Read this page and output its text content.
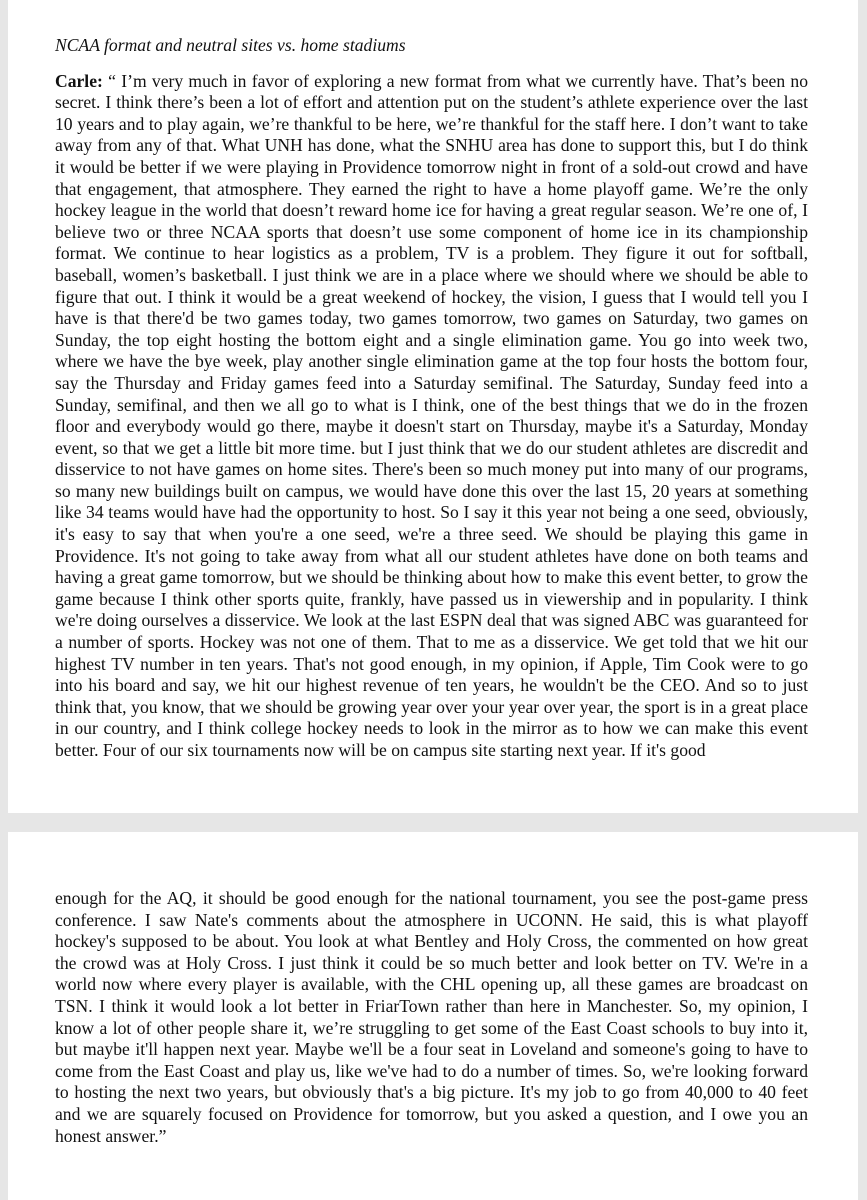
NCAA format and neutral sites vs. home stadiums

Carle: “ I’m very much in favor of exploring a new format from what we currently have. That’s been no secret. I think there’s been a lot of effort and attention put on the student’s athlete experience over the last 10 years and to play again, we’re thankful to be here, we’re thankful for the staff here. I don’t want to take away from any of that. What UNH has done, what the SNHU area has done to support this, but I do think it would be better if we were playing in Providence tomorrow night in front of a sold-out crowd and have that engagement, that atmosphere. They earned the right to have a home playoff game. We’re the only hockey league in the world that doesn’t reward home ice for having a great regular season. We’re one of, I believe two or three NCAA sports that doesn’t use some component of home ice in its championship format. We continue to hear logistics as a problem, TV is a problem. They figure it out for softball, baseball, women’s basketball. I just think we are in a place where we should where we should be able to figure that out. I think it would be a great weekend of hockey, the vision, I guess that I would tell you I have is that there'd be two games today, two games tomorrow, two games on Saturday, two games on Sunday, the top eight hosting the bottom eight and a single elimination game. You go into week two, where we have the bye week, play another single elimination game at the top four hosts the bottom four, say the Thursday and Friday games feed into a Saturday semifinal. The Saturday, Sunday feed into a Sunday, semifinal, and then we all go to what is I think, one of the best things that we do in the frozen floor and everybody would go there, maybe it doesn't start on Thursday, maybe it's a Saturday, Monday event, so that we get a little bit more time. but I just think that we do our student athletes are discredit and disservice to not have games on home sites. There's been so much money put into many of our programs, so many new buildings built on campus, we would have done this over the last 15, 20 years at something like 34 teams would have had the opportunity to host. So I say it this year not being a one seed, obviously, it's easy to say that when you're a one seed, we're a three seed. We should be playing this game in Providence. It's not going to take away from what all our student athletes have done on both teams and having a great game tomorrow, but we should be thinking about how to make this event better, to grow the game because I think other sports quite, frankly, have passed us in viewership and in popularity. I think we're doing ourselves a disservice. We look at the last ESPN deal that was signed ABC was guaranteed for a number of sports. Hockey was not one of them. That to me as a disservice. We get told that we hit our highest TV number in ten years. That's not good enough, in my opinion, if Apple, Tim Cook were to go into his board and say, we hit our highest revenue of ten years, he wouldn't be the CEO. And so to just think that, you know, that we should be growing year over your year over year, the sport is in a great place in our country, and I think college hockey needs to look in the mirror as to how we can make this event better. Four of our six tournaments now will be on campus site starting next year. If it's good

enough for the AQ, it should be good enough for the national tournament, you see the post-game press conference. I saw Nate's comments about the atmosphere in UCONN. He said, this is what playoff hockey's supposed to be about. You look at what Bentley and Holy Cross, the commented on how great the crowd was at Holy Cross. I just think it could be so much better and look better on TV. We're in a world now where every player is available, with the CHL opening up, all these games are broadcast on TSN. I think it would look a lot better in FriarTown rather than here in Manchester. So, my opinion, I know a lot of other people share it, we’re struggling to get some of the East Coast schools to buy into it, but maybe it'll happen next year. Maybe we'll be a four seat in Loveland and someone's going to have to come from the East Coast and play us, like we've had to do a number of times. So, we're looking forward to hosting the next two years, but obviously that's a big picture. It's my job to go from 40,000 to 40 feet and we are squarely focused on Providence for tomorrow, but you asked a question, and I owe you an honest answer.”
